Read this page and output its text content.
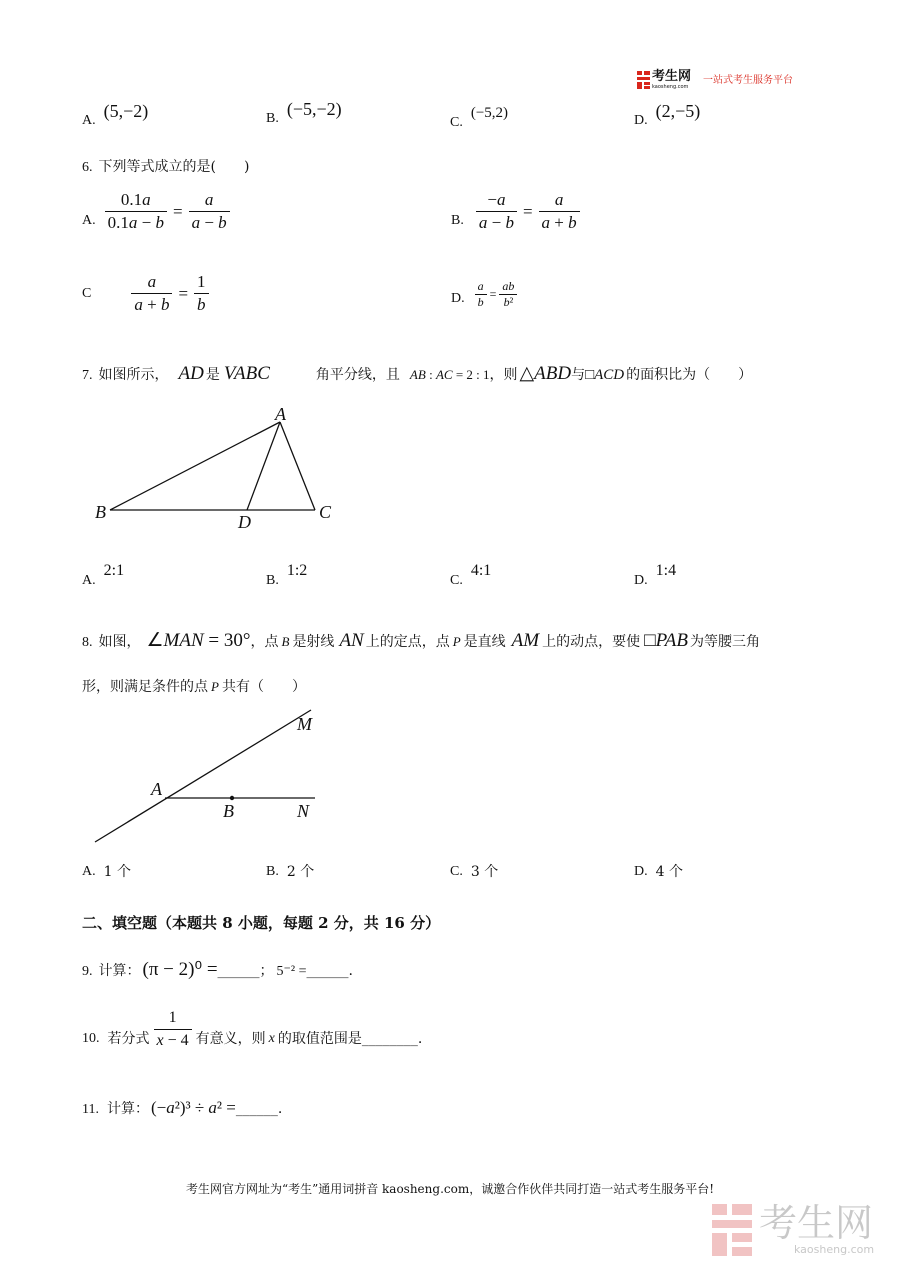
考生网
kaosheng.com
一站式考生服务平台
A. (5,−2)	B. (−5,−2)
C.
(−5,2)	D. (2,−5)
6. 下列等式成立的是(　　)
A. $\frac{0.1a}{0.1a - b} = \frac{a}{a - b}$	B. $\frac{-a}{a - b} = \frac{a}{a + b}$
C $\frac{a}{a + b} = \frac{1}{b}$	D. $\frac{a}{b} = \frac{ab}{\text{b²}}$
7. 如图所示， AD 是 VABC	角平分线，且 AB : AC = 2 : 1 ，则 △ABD 与 □ACD 的面积比为（　　）
A
B	C
D
A.
2:1
B.
1:2
C.
4:1
D.
1:4
8. 如图， ∠MAN = 30° ，点 B 是射线 AN 上的定点，点 P 是直线 AM 上的动点，要使 □PAB 为等腰三角
形，则满足条件的点 P 共有（　　）
M
A
B	N
A. 1 个	B. 2 个	C. 3 个	D. 4 个
二、填空题（本题共 8 小题，每题 2 分，共 16 分）
9. 计算： (π − 2)⁰ = ______； 5⁻² = ______.
10. 若分式 $\frac{1}{x - 4}$ 有意义，则 x 的取值范围是________.
11. 计算： (−a²)³ ÷ a² = ______.
考生网官方网址为“考生”通用词拼音 kaosheng.com，诚邀合作伙伴共同打造一站式考生服务平台!
考生网
kaosheng.com
